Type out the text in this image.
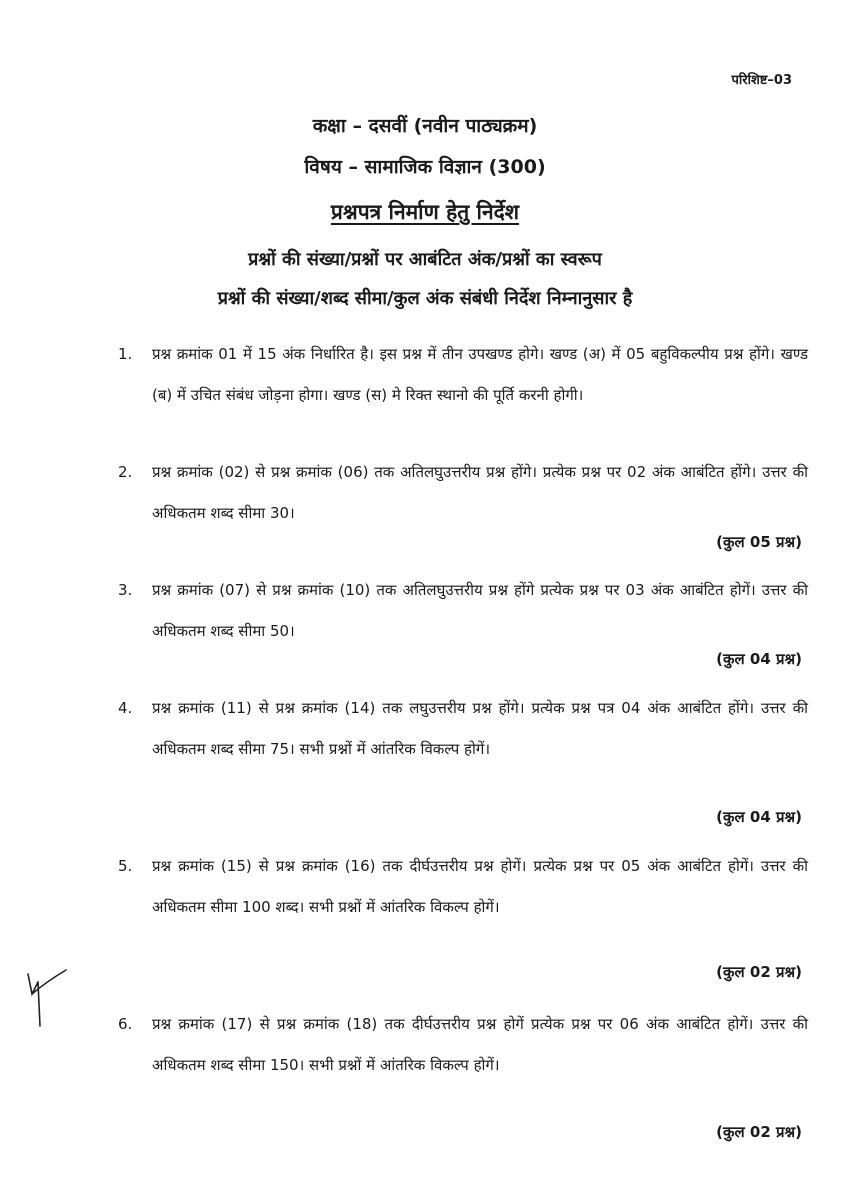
परिशिष्ट–03
कक्षा – दसवीं (नवीन पाठ्यक्रम)
विषय – सामाजिक विज्ञान (300)
प्रश्नपत्र निर्माण हेतु निर्देश
प्रश्नों की संख्या/प्रश्नों पर आबंटित अंक/प्रश्नों का स्वरूप
प्रश्नों की संख्या/शब्द सीमा/कुल अंक संबंधी निर्देश निम्नानुसार है
1.	प्रश्न क्रमांक 01 में 15 अंक निर्धारित है। इस प्रश्न में तीन उपखण्ड होगे। खण्ड (अ) में 05 बहुविकल्पीय प्रश्न होंगे। खण्ड (ब) में उचित संबंध जोड़ना होगा। खण्ड (स) मे रिक्त स्थानो की पूर्ति करनी होगी।
2.	प्रश्न क्रमांक (02) से प्रश्न क्रमांक (06) तक अतिलघुउत्तरीय प्रश्न होंगे। प्रत्येक प्रश्न पर 02 अंक आबंटित होंगे। उत्तर की अधिकतम शब्द सीमा 30।
(कुल 05 प्रश्न)
3.	प्रश्न क्रमांक (07) से प्रश्न क्रमांक (10) तक अतिलघुउत्तरीय प्रश्न होंगे प्रत्येक प्रश्न पर 03 अंक आबंटित होगें। उत्तर की अधिकतम शब्द सीमा 50।
(कुल 04 प्रश्न)
4.	प्रश्न क्रमांक (11) से प्रश्न क्रमांक (14) तक लघुउत्तरीय प्रश्न होंगे। प्रत्येक प्रश्न पत्र 04 अंक आबंटित होंगे। उत्तर की अधिकतम शब्द सीमा 75। सभी प्रश्नों में आंतरिक विकल्प होगें।
(कुल 04 प्रश्न)
5.	प्रश्न क्रमांक (15) से प्रश्न क्रमांक (16) तक दीर्घउत्तरीय प्रश्न होगें। प्रत्येक प्रश्न पर 05 अंक आबंटित होगें। उत्तर की अधिकतम सीमा 100 शब्द। सभी प्रश्नों में आंतरिक विकल्प होगें।
(कुल 02 प्रश्न)
6.	प्रश्न क्रमांक (17) से प्रश्न क्रमांक (18) तक दीर्घउत्तरीय प्रश्न होगें प्रत्येक प्रश्न पर 06 अंक आबंटित होगें। उत्तर की अधिकतम शब्द सीमा 150। सभी प्रश्नों में आंतरिक विकल्प होगें।
(कुल 02 प्रश्न)
